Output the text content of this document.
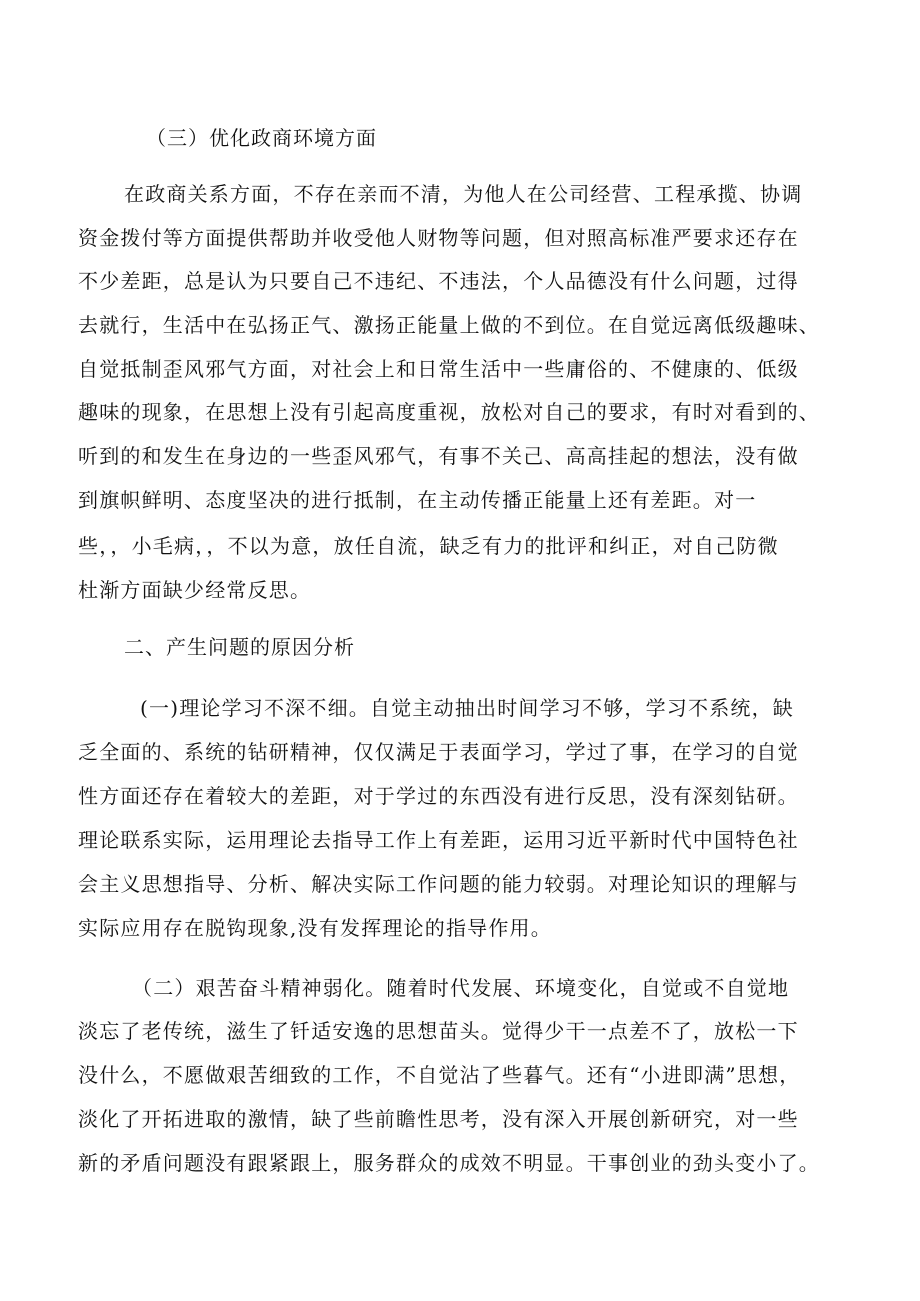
（三）优化政商环境方面
在政商关系方面，不存在亲而不清，为他人在公司经营、工程承揽、协调
资金拨付等方面提供帮助并收受他人财物等问题，但对照高标准严要求还存在
不少差距，总是认为只要自己不违纪、不违法，个人品德没有什么问题，过得
去就行，生活中在弘扬正气、激扬正能量上做的不到位。在自觉远离低级趣味、
自觉抵制歪风邪气方面，对社会上和日常生活中一些庸俗的、不健康的、低级
趣味的现象，在思想上没有引起高度重视，放松对自己的要求，有时对看到的、
听到的和发生在身边的一些歪风邪气，有事不关己、高高挂起的想法，没有做
到旗帜鲜明、态度坚决的进行抵制，在主动传播正能量上还有差距。对一
些，，小毛病，，不以为意，放任自流，缺乏有力的批评和纠正，对自己防微
杜渐方面缺少经常反思。
二、产生问题的原因分析
(一)理论学习不深不细。自觉主动抽出时间学习不够，学习不系统，缺
乏全面的、系统的钻研精神，仅仅满足于表面学习，学过了事，在学习的自觉
性方面还存在着较大的差距，对于学过的东西没有进行反思，没有深刻钻研。
理论联系实际，运用理论去指导工作上有差距，运用习近平新时代中国特色社
会主义思想指导、分析、解决实际工作问题的能力较弱。对理论知识的理解与
实际应用存在脱钩现象,没有发挥理论的指导作用。
（二）艰苦奋斗精神弱化。随着时代发展、环境变化，自觉或不自觉地
淡忘了老传统，滋生了钎适安逸的思想苗头。觉得少干一点差不了，放松一下
没什么，不愿做艰苦细致的工作，不自觉沾了些暮气。还有“小进即满”思想，
淡化了开拓进取的激情，缺了些前瞻性思考，没有深入开展创新研究，对一些
新的矛盾问题没有跟紧跟上，服务群众的成效不明显。干事创业的劲头变小了。
